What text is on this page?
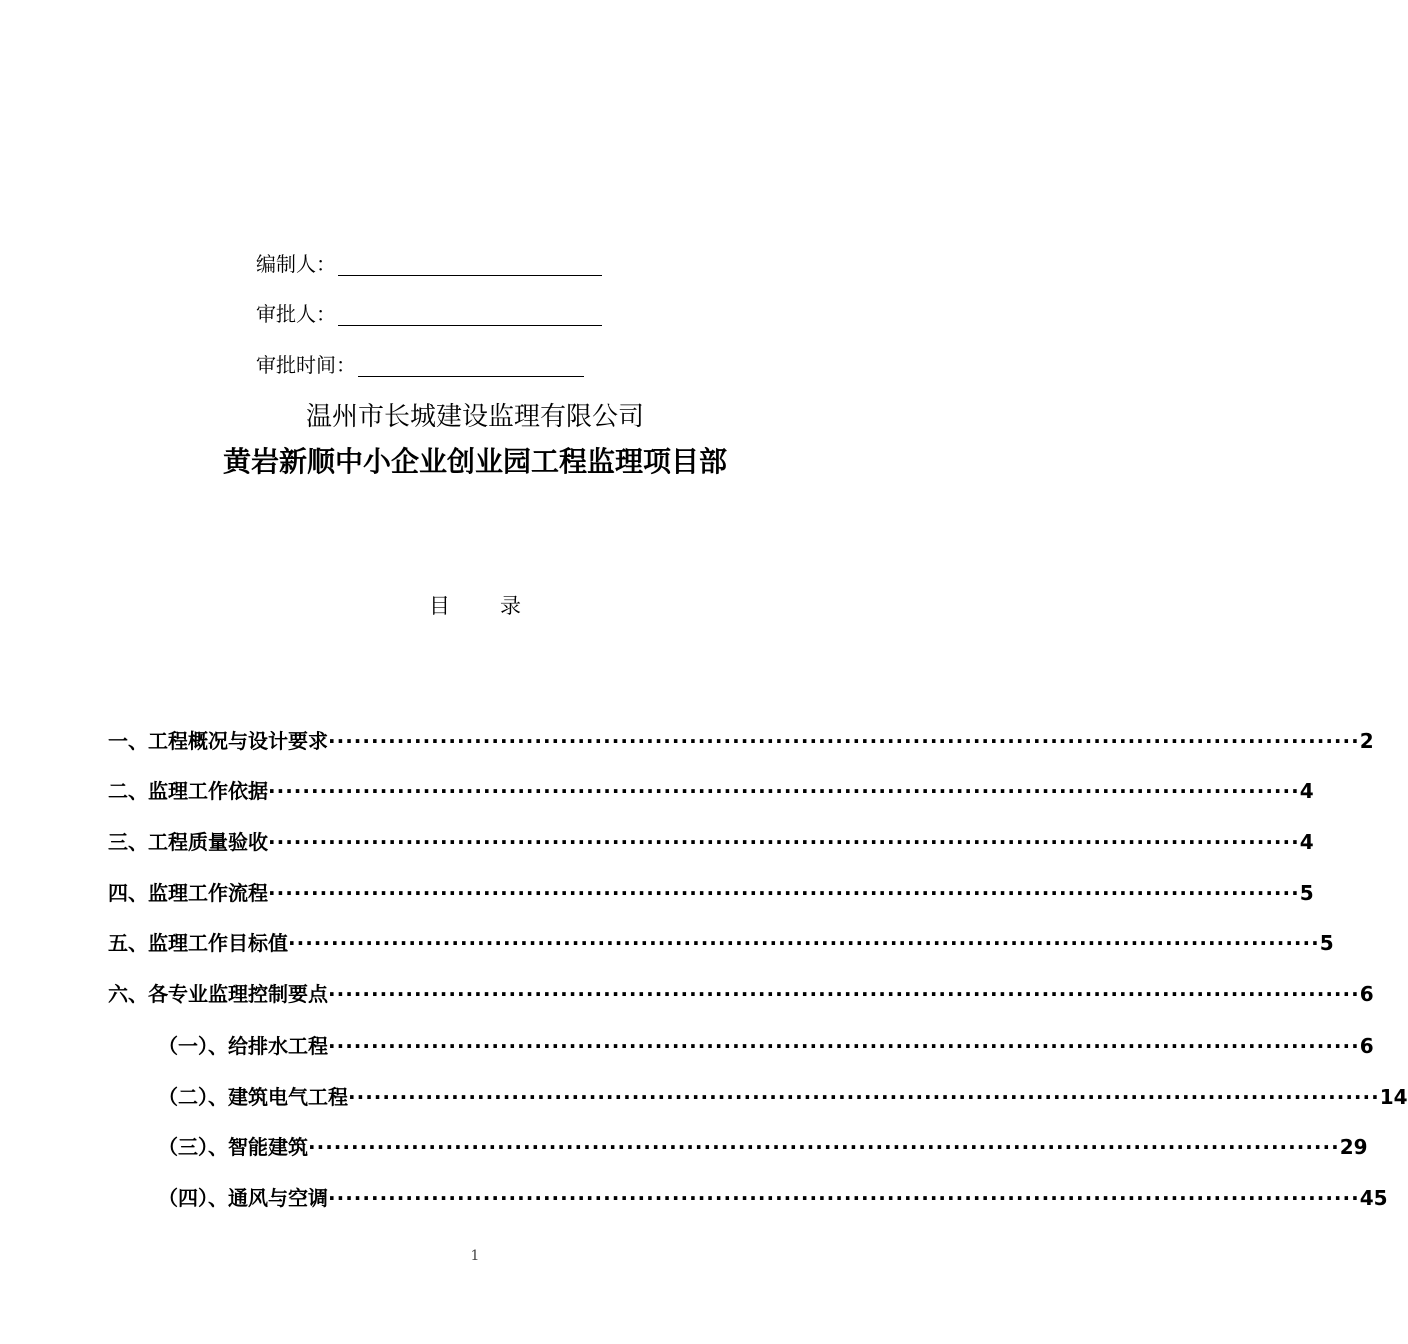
编制人：
审批人：
审批时间：
温州市长城建设监理有限公司
黄岩新顺中小企业创业园工程监理项目部
目 录
一、工程概况与设计要求 ························································································································ 2
二、监理工作依据 ························································································································ 4
三、工程质量验收 ························································································································ 4
四、监理工作流程 ························································································································ 5
五、监理工作目标值 ························································································································ 5
六、各专业监理控制要点 ························································································································ 6
（一）、给排水工程 ························································································································ 6
（二）、建筑电气工程 ························································································································ 14
（三）、智能建筑 ························································································································ 29
（四）、通风与空调 ························································································································ 45
1
